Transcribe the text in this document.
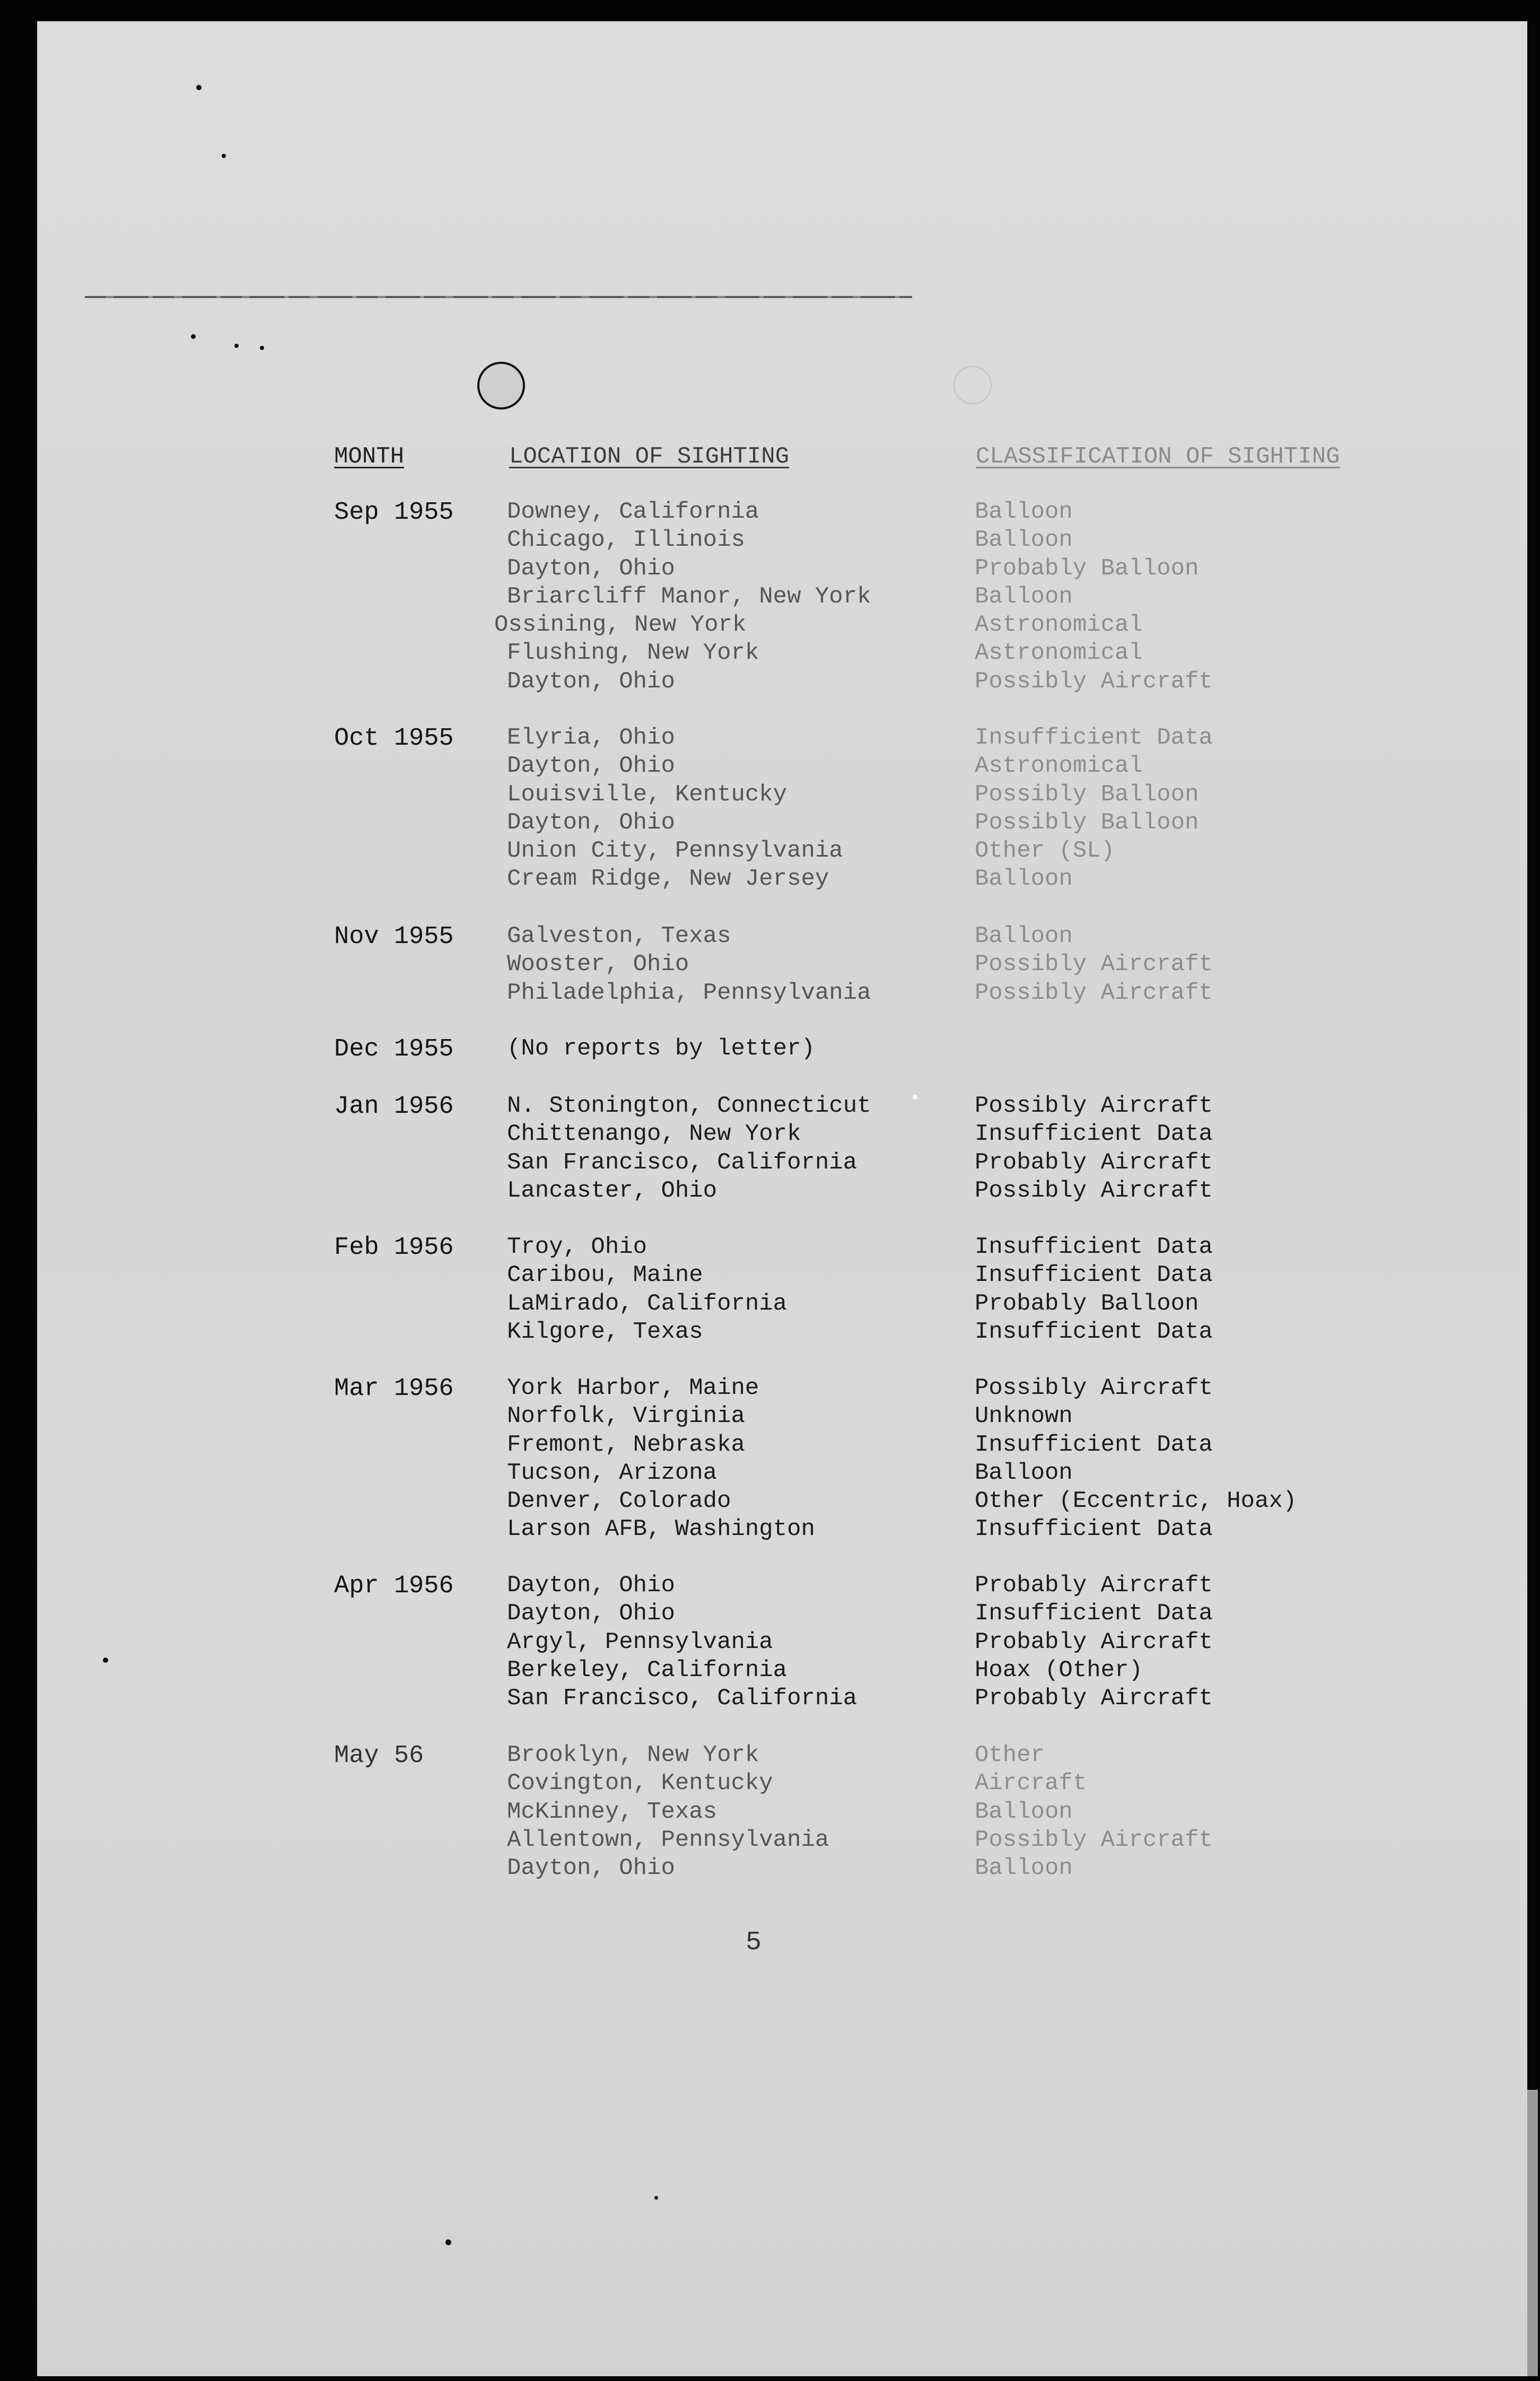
MONTH	LOCATION OF SIGHTING	CLASSIFICATION OF SIGHTING
Sep 1955 Downey, California	Balloon
Chicago, Illinois	Balloon
Dayton, Ohio	Probably Balloon
Briarcliff Manor, New York	Balloon
Ossining, New York	Astronomical
Flushing, New York	Astronomical
Dayton, Ohio	Possibly Aircraft
Oct 1955 Elyria, Ohio	Insufficient Data
Dayton, Ohio	Astronomical
Louisville, Kentucky	Possibly Balloon
Dayton, Ohio	Possibly Balloon
Union City, Pennsylvania	Other (SL)
Cream Ridge, New Jersey	Balloon
Nov 1955 Galveston, Texas	Balloon
Wooster, Ohio	Possibly Aircraft
Philadelphia, Pennsylvania	Possibly Aircraft
Dec 1955 (No reports by letter)
Jan 1956 N. Stonington, Connecticut	Possibly Aircraft
Chittenango, New York	Insufficient Data
San Francisco, California	Probably Aircraft
Lancaster, Ohio	Possibly Aircraft
Feb 1956 Troy, Ohio	Insufficient Data
Caribou, Maine	Insufficient Data
LaMirado, California	Probably Balloon
Kilgore, Texas	Insufficient Data
Mar 1956 York Harbor, Maine	Possibly Aircraft
Norfolk, Virginia	Unknown
Fremont, Nebraska	Insufficient Data
Tucson, Arizona	Balloon
Denver, Colorado	Other (Eccentric, Hoax)
Larson AFB, Washington	Insufficient Data
Apr 1956 Dayton, Ohio	Probably Aircraft
Dayton, Ohio	Insufficient Data
Argyl, Pennsylvania	Probably Aircraft
Berkeley, California	Hoax (Other)
San Francisco, California	Probably Aircraft
May 56	Brooklyn, New York	Other
Covington, Kentucky	Aircraft
McKinney, Texas	Balloon
Allentown, Pennsylvania	Possibly Aircraft
Dayton, Ohio	Balloon
5
